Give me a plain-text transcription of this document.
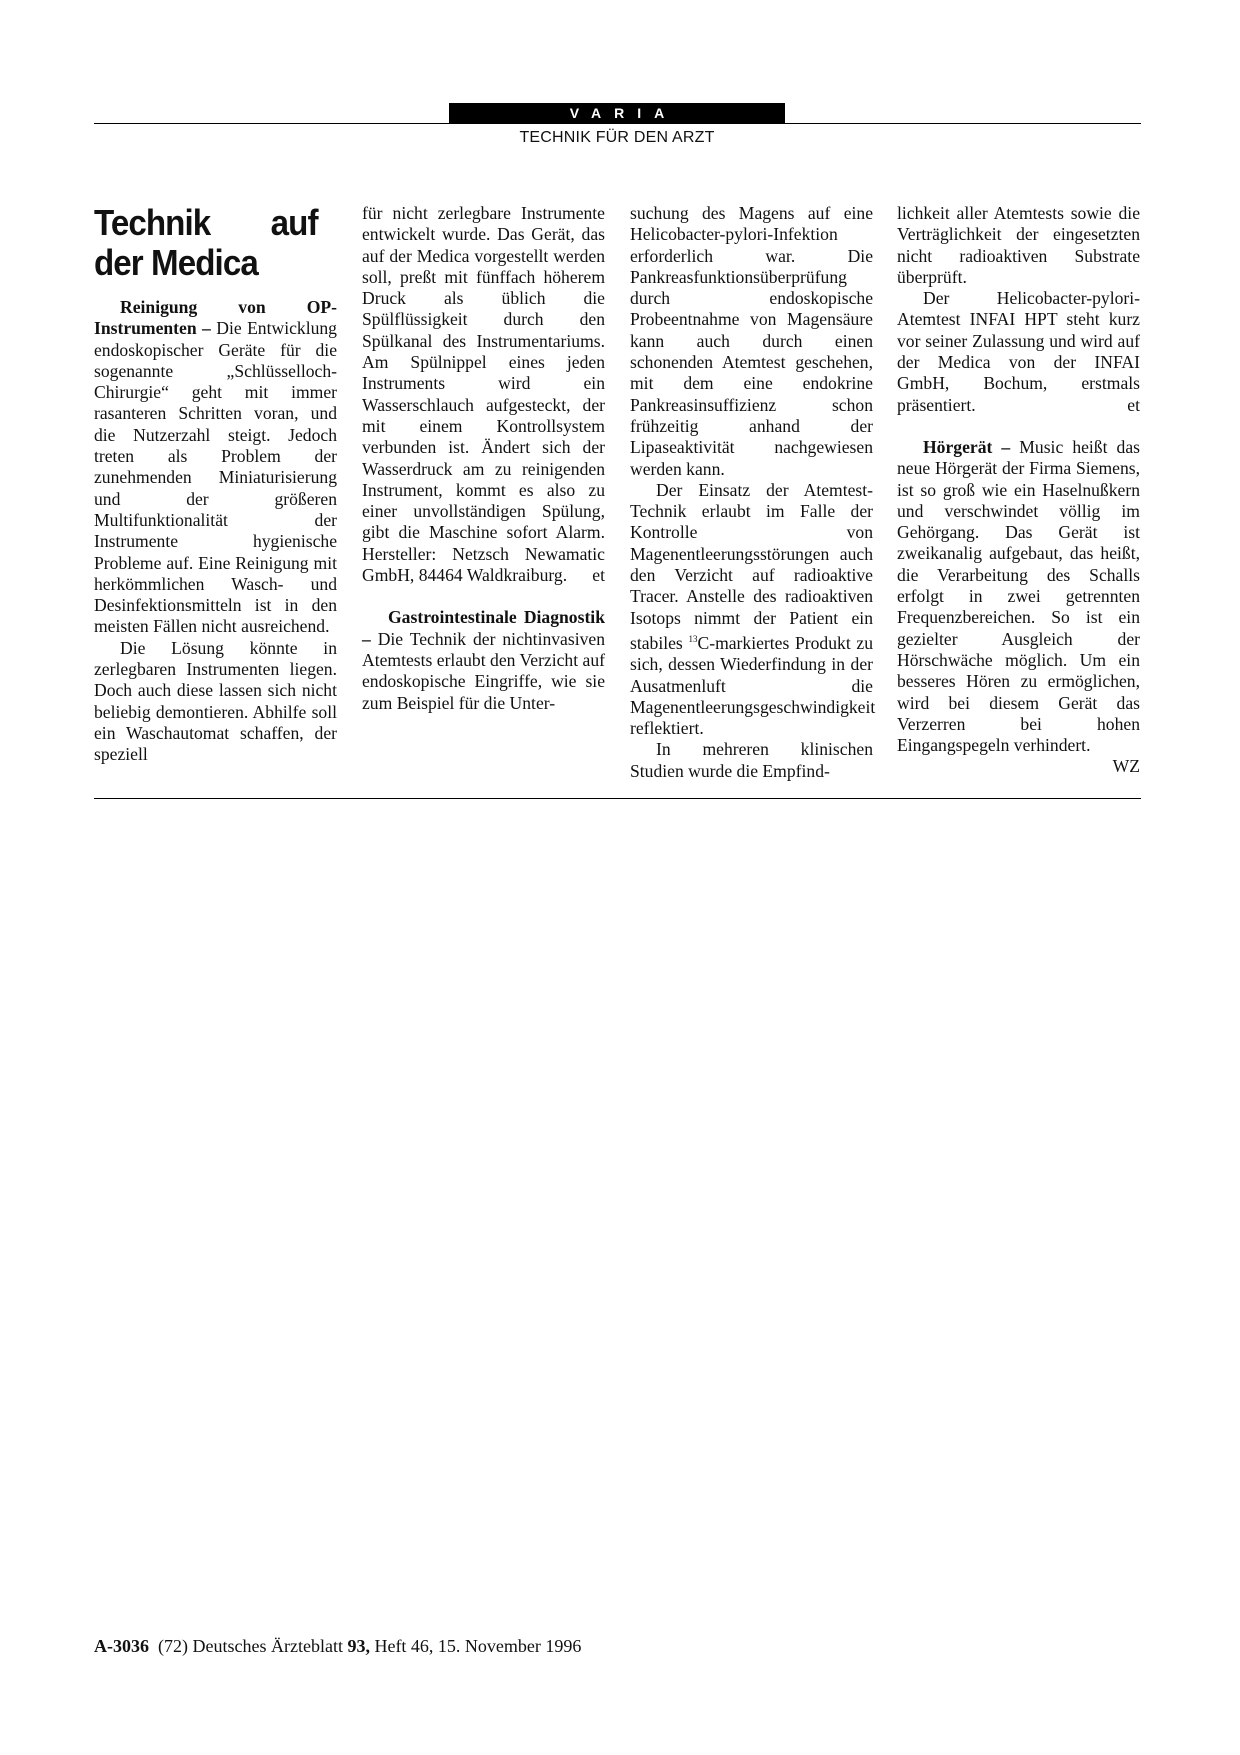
VARIA
TECHNIK FÜR DEN ARZT
Technik auf der Medica

Reinigung von OP-Instrumenten – Die Entwicklung endoskopischer Geräte für die sogenannte „Schlüsselloch-Chirurgie“ geht mit immer rasanteren Schritten voran, und die Nutzerzahl steigt. Jedoch treten als Problem der zunehmenden Miniaturisierung und der größeren Multifunktionalität der Instrumente hygienische Probleme auf. Eine Reinigung mit herkömmlichen Wasch- und Desinfektionsmitteln ist in den meisten Fällen nicht ausreichend.

Die Lösung könnte in zerlegbaren Instrumenten liegen. Doch auch diese lassen sich nicht beliebig demontieren. Abhilfe soll ein Waschautomat schaffen, der speziell

für nicht zerlegbare Instrumente entwickelt wurde. Das Gerät, das auf der Medica vorgestellt werden soll, preßt mit fünffach höherem Druck als üblich die Spülflüssigkeit durch den Spülkanal des Instrumentariums. Am Spülnippel eines jeden Instruments wird ein Wasserschlauch aufgesteckt, der mit einem Kontrollsystem verbunden ist. Ändert sich der Wasserdruck am zu reinigenden Instrument, kommt es also zu einer unvollständigen Spülung, gibt die Maschine sofort Alarm. Hersteller: Netzsch Newamatic GmbH, 84464 Waldkraiburg. et

Gastrointestinale Diagnostik – Die Technik der nichtinvasiven Atemtests erlaubt den Verzicht auf endoskopische Eingriffe, wie sie zum Beispiel für die Unter-

suchung des Magens auf eine Helicobacter-pylori-Infektion erforderlich war. Die Pankreasfunktionsüberprüfung durch endoskopische Probeentnahme von Magensäure kann auch durch einen schonenden Atemtest geschehen, mit dem eine endokrine Pankreasinsuffizienz schon frühzeitig anhand der Lipaseaktivität nachgewiesen werden kann.

Der Einsatz der Atemtest-Technik erlaubt im Falle der Kontrolle von Magenentleerungsstörungen auch den Verzicht auf radioaktive Tracer. Anstelle des radioaktiven Isotops nimmt der Patient ein stabiles $^{13}$C-markiertes Produkt zu sich, dessen Wiederfindung in der Ausatmenluft die Magenentleerungsgeschwindigkeit reflektiert.

In mehreren klinischen Studien wurde die Empfind-

lichkeit aller Atemtests sowie die Verträglichkeit der eingesetzten nicht radioaktiven Substrate überprüft.

Der Helicobacter-pylori-Atemtest INFAI HPT steht kurz vor seiner Zulassung und wird auf der Medica von der INFAI GmbH, Bochum, erstmals präsentiert.	et

Hörgerät – Music heißt das neue Hörgerät der Firma Siemens, ist so groß wie ein Haselnußkern und verschwindet völlig im Gehörgang. Das Gerät ist zweikanalig aufgebaut, das heißt, die Verarbeitung des Schalls erfolgt in zwei getrennten Frequenzbereichen. So ist ein gezielter Ausgleich der Hörschwäche möglich. Um ein besseres Hören zu ermöglichen, wird bei diesem Gerät das Verzerren bei hohen Eingangspegeln verhindert.
WZ

A-3036 (72) Deutsches Ärzteblatt 93, Heft 46, 15. November 1996
